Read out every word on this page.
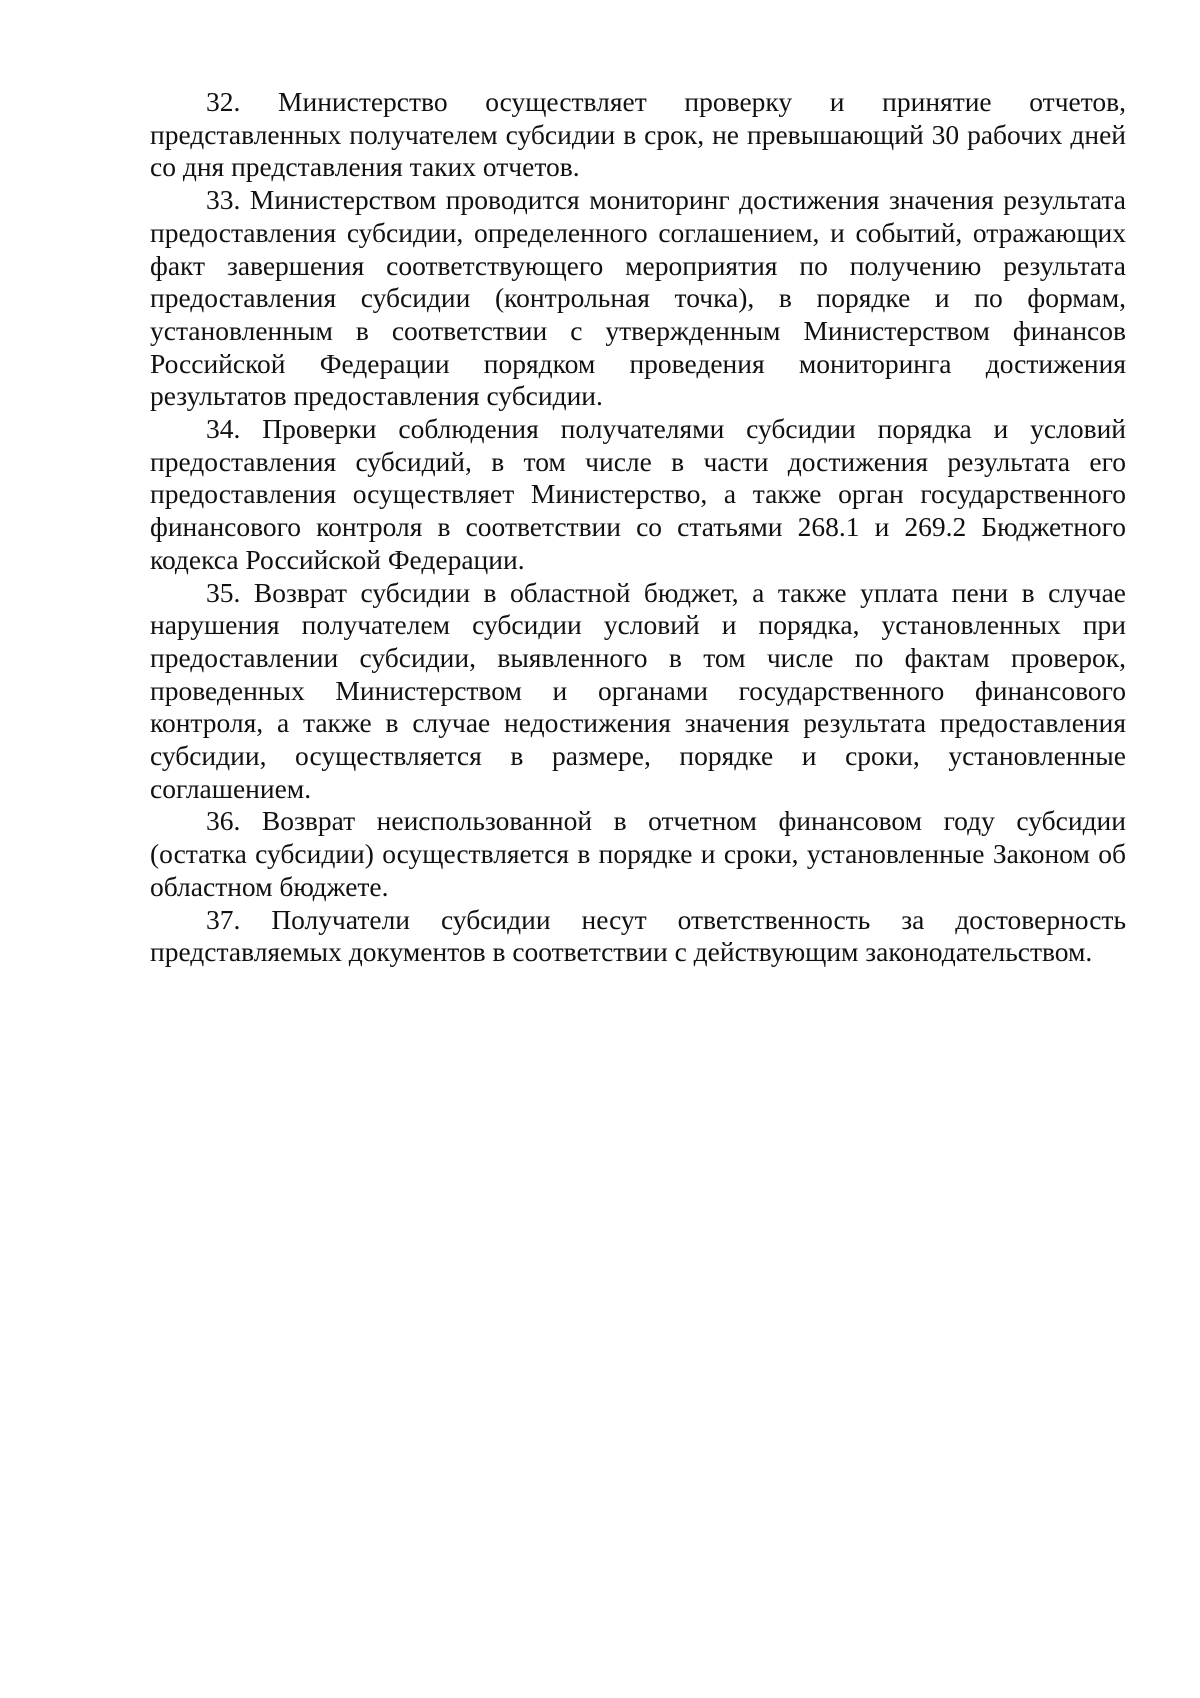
32. Министерство осуществляет проверку и принятие отчетов, представленных получателем субсидии в срок, не превышающий 30 рабочих дней со дня представления таких отчетов.

33. Министерством проводится мониторинг достижения значения результата предоставления субсидии, определенного соглашением, и событий, отражающих факт завершения соответствующего мероприятия по получению результата предоставления субсидии (контрольная точка), в порядке и по формам, установленным в соответствии с утвержденным Министерством финансов Российской Федерации порядком проведения мониторинга достижения результатов предоставления субсидии.

34. Проверки соблюдения получателями субсидии порядка и условий предоставления субсидий, в том числе в части достижения результата его предоставления осуществляет Министерство, а также орган государственного финансового контроля в соответствии со статьями 268.1 и 269.2 Бюджетного кодекса Российской Федерации.

35. Возврат субсидии в областной бюджет, а также уплата пени в случае нарушения получателем субсидии условий и порядка, установленных при предоставлении субсидии, выявленного в том числе по фактам проверок, проведенных Министерством и органами государственного финансового контроля, а также в случае недостижения значения результата предоставления субсидии, осуществляется в размере, порядке и сроки, установленные соглашением.

36. Возврат неиспользованной в отчетном финансовом году субсидии (остатка субсидии) осуществляется в порядке и сроки, установленные Законом об областном бюджете.

37. Получатели субсидии несут ответственность за достоверность представляемых документов в соответствии с действующим законодательством.
